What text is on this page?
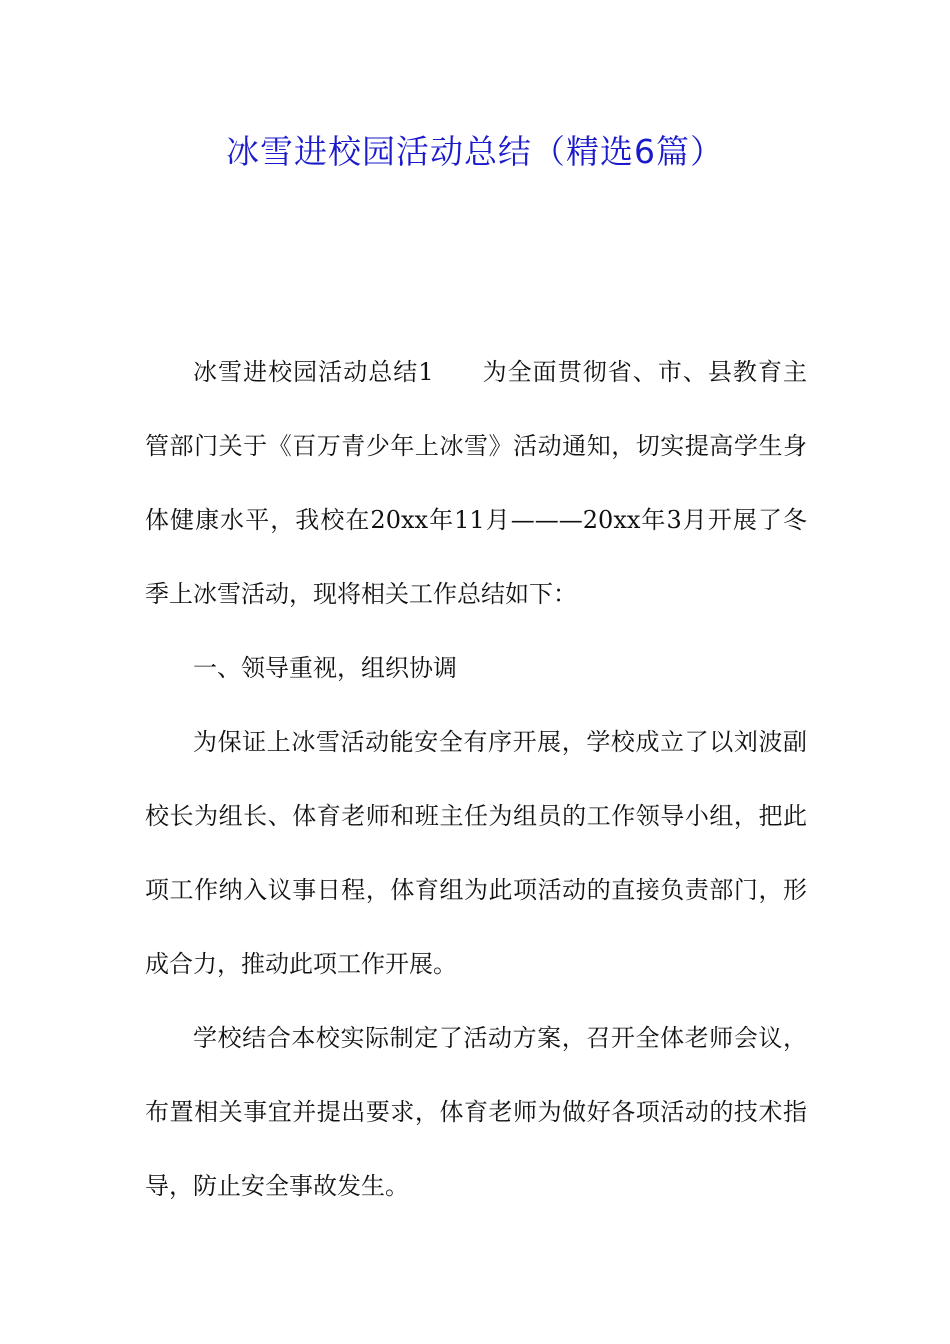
冰雪进校园活动总结（精选6篇）

冰雪进校园活动总结1 为全面贯彻省、市、县教育主管部门关于《百万青少年上冰雪》活动通知，切实提高学生身体健康水平，我校在20xx年11月———20xx年3月开展了冬季上冰雪活动，现将相关工作总结如下：

一、领导重视，组织协调

为保证上冰雪活动能安全有序开展，学校成立了以刘波副校长为组长、体育老师和班主任为组员的工作领导小组，把此项工作纳入议事日程，体育组为此项活动的直接负责部门，形成合力，推动此项工作开展。

学校结合本校实际制定了活动方案，召开全体老师会议，布置相关事宜并提出要求，体育老师为做好各项活动的技术指导，防止安全事故发生。
